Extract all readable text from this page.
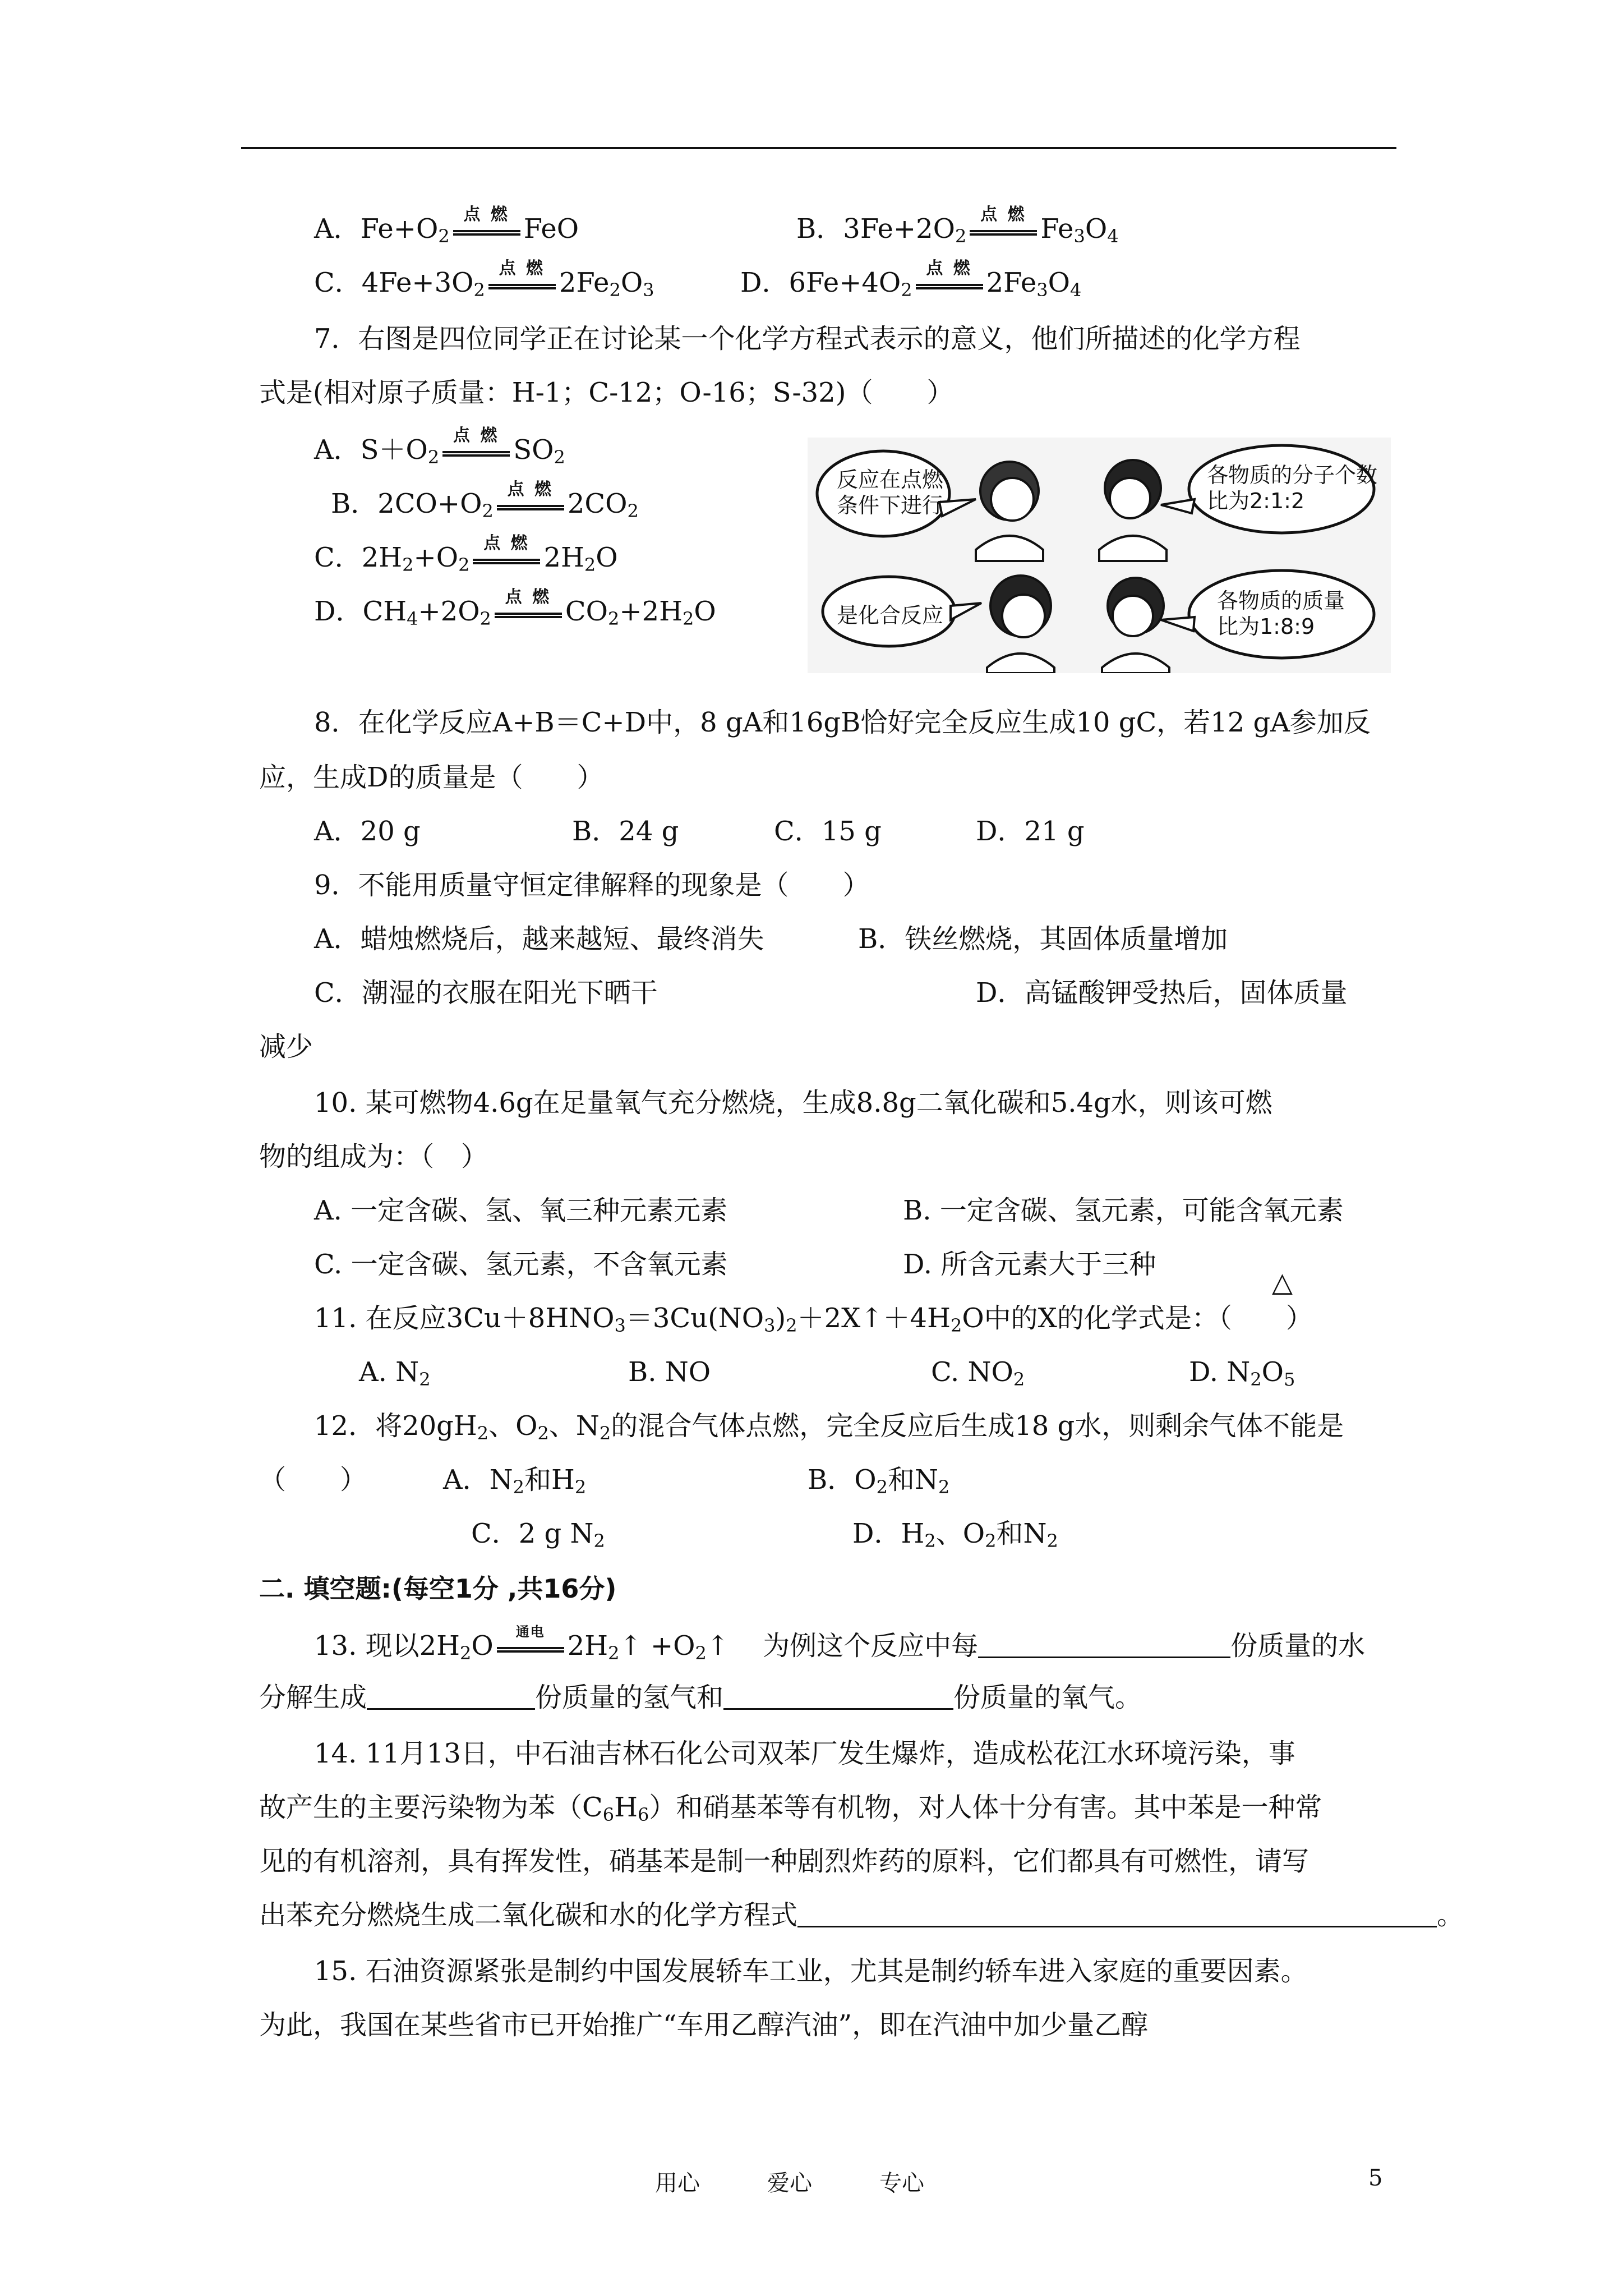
A．$Fe+O_2$
点 燃 FeO	B．$3Fe+2O_2$
点 燃 $Fe_3O_4$
C．$4Fe+3O_2$
点 燃 $2Fe_2O_3$	D．$6Fe+4O_2$
点 燃 $2Fe_3O_4$
7．右图是四位同学正在讨论某一个化学方程式表示的意义，他们所描述的化学方程
式是(相对原子质量：H-1；C-12；O-16；S-32)（　　）
A．$S+O_2$
点 燃 $SO_2$
B．$2CO+O_2$
点 燃 $2CO_2$
C．$2H_2+O_2$
点 燃 $2H_2O$
D．$CH_4+2O_2$
点 燃 $CO_2+2H_2O$
反应在点燃
条件下进行
各物质的分子个数
比为2:1:2
是化合反应
各物质的质量
比为1:8:9
8．在化学反应A+B＝C+D中，8 gA和16gB恰好完全反应生成10 gC，若12 gA参加反
应，生成D的质量是（　　）
A．20 g	B．24 g	C．15 g	D．21 g
9．不能用质量守恒定律解释的现象是（　　）
A．蜡烛燃烧后，越来越短、最终消失	B．铁丝燃烧，其固体质量增加
C．潮湿的衣服在阳光下晒干	D．高锰酸钾受热后，固体质量
减少
10. 某可燃物4.6g在足量氧气充分燃烧，生成8.8g二氧化碳和5.4g水，则该可燃
物的组成为：（　）
A. 一定含碳、氢、氧三种元素元素	B. 一定含碳、氢元素，可能含氧元素
C. 一定含碳、氢元素，不含氧元素	D. 所含元素大于三种
△
11. 在反应$3Cu+8HNO_3=3Cu(NO_3)_2+2X↑+4H_2O$中的X的化学式是：（　　）
A. $N_2$	B. NO	C. $NO_2$	D. $N_2O_5$
12．将$20gH_2$、$O_2$、$N_2$的混合气体点燃，完全反应后生成18 g水，则剩余气体不能是
（　　）	A．$N_2$和$H_2$	B．$O_2$和$N_2$
C．2 g $N_2$	D．$H_2$、$O_2$和$N_2$
二. 填空题:(每空1分 ,共16分)
13. 现以$2H_2O$	通电 $2H_2↑$ $+O_2↑$ 为例这个反应中每	份质量的水
分解生成	份质量的氢气和	份质量的氧气。
14. 11月13日，中石油吉林石化公司双苯厂发生爆炸，造成松花江水环境污染，事
故产生的主要污染物为苯$(C_6H_6)$和硝基苯等有机物，对人体十分有害。其中苯是一种常
见的有机溶剂，具有挥发性，硝基苯是制一种剧烈炸药的原料，它们都具有可燃性，请写
出苯充分燃烧生成二氧化碳和水的化学方程式	。
15. 石油资源紧张是制约中国发展轿车工业，尤其是制约轿车进入家庭的重要因素。
为此，我国在某些省市已开始推广“车用乙醇汽油”，即在汽油中加少量乙醇
用心	爱心	专心	5
